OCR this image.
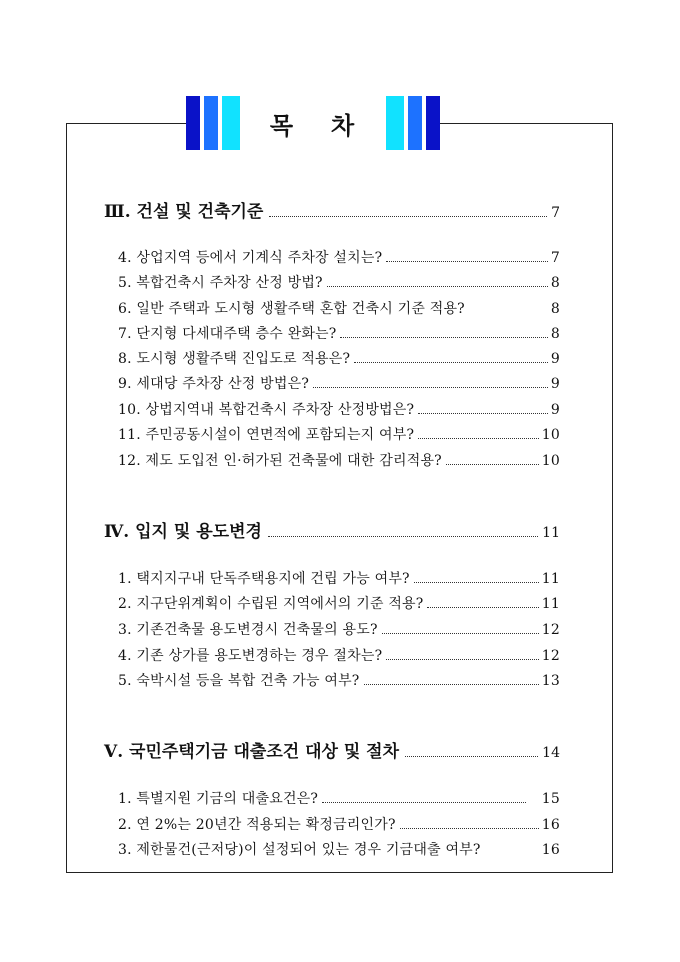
목 차
Ⅲ. 건설 및 건축기준	7
4. 상업지역 등에서 기계식 주차장 설치는?	7
5. 복합건축시 주차장 산정 방법?	8
6. 일반 주택과 도시형 생활주택 혼합 건축시 기준 적용?	8
7. 단지형 다세대주택 층수 완화는?	8
8. 도시형 생활주택 진입도로 적용은?	9
9. 세대당 주차장 산정 방법은?	9
10. 상법지역내 복합건축시 주차장 산정방법은?	9
11. 주민공동시설이 연면적에 포함되는지 여부?	10
12. 제도 도입전 인·허가된 건축물에 대한 감리적용?	10
Ⅳ. 입지 및 용도변경	11
1. 택지지구내 단독주택용지에 건립 가능 여부?	11
2. 지구단위계획이 수립된 지역에서의 기준 적용?	11
3. 기존건축물 용도변경시 건축물의 용도?	12
4. 기존 상가를 용도변경하는 경우 절차는?	12
5. 숙박시설 등을 복합 건축 가능 여부?	13
Ⅴ. 국민주택기금 대출조건 대상 및 절차	14
1. 특별지원 기금의 대출요건은?	15
2. 연 2%는 20년간 적용되는 확정금리인가?	16
3. 제한물건(근저당)이 설정되어 있는 경우 기금대출 여부?	16
